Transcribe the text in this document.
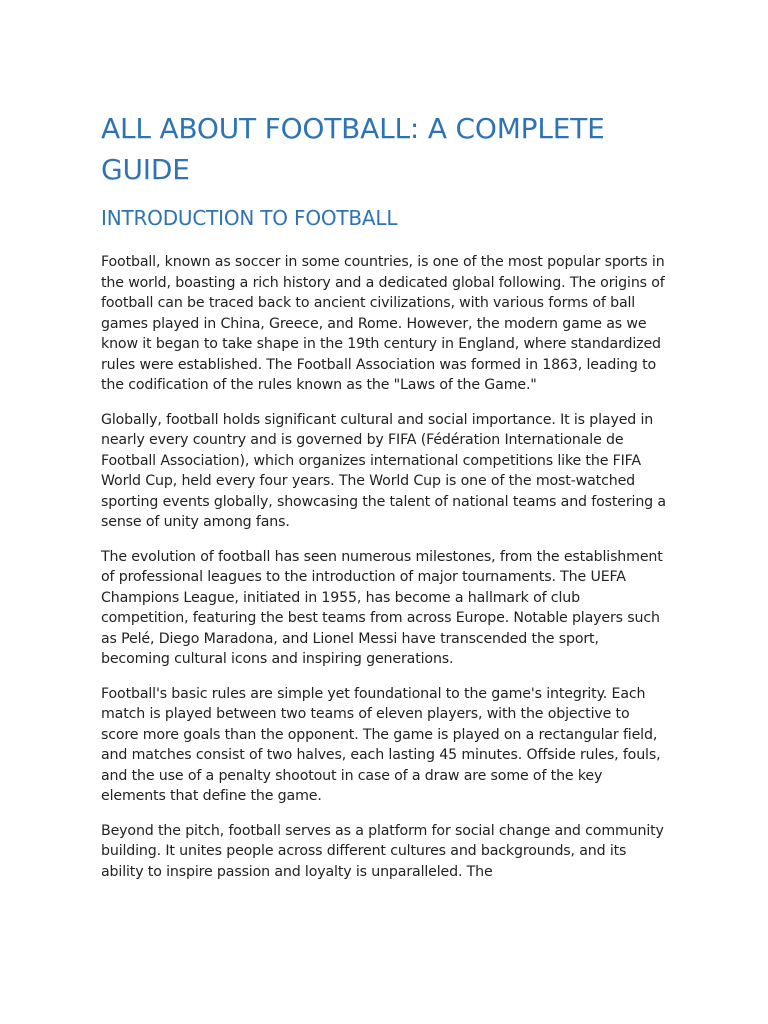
ALL ABOUT FOOTBALL: A COMPLETE GUIDE
INTRODUCTION TO FOOTBALL

Football, known as soccer in some countries, is one of the most popular sports in the world, boasting a rich history and a dedicated global following. The origins of football can be traced back to ancient civilizations, with various forms of ball games played in China, Greece, and Rome. However, the modern game as we know it began to take shape in the 19th century in England, where standardized rules were established. The Football Association was formed in 1863, leading to the codification of the rules known as the "Laws of the Game."

Globally, football holds significant cultural and social importance. It is played in nearly every country and is governed by FIFA (Fédération Internationale de Football Association), which organizes international competitions like the FIFA World Cup, held every four years. The World Cup is one of the most-watched sporting events globally, showcasing the talent of national teams and fostering a sense of unity among fans.

The evolution of football has seen numerous milestones, from the establishment of professional leagues to the introduction of major tournaments. The UEFA Champions League, initiated in 1955, has become a hallmark of club competition, featuring the best teams from across Europe. Notable players such as Pelé, Diego Maradona, and Lionel Messi have transcended the sport, becoming cultural icons and inspiring generations.

Football's basic rules are simple yet foundational to the game's integrity. Each match is played between two teams of eleven players, with the objective to score more goals than the opponent. The game is played on a rectangular field, and matches consist of two halves, each lasting 45 minutes. Offside rules, fouls, and the use of a penalty shootout in case of a draw are some of the key elements that define the game.

Beyond the pitch, football serves as a platform for social change and community building. It unites people across different cultures and backgrounds, and its ability to inspire passion and loyalty is unparalleled. The
